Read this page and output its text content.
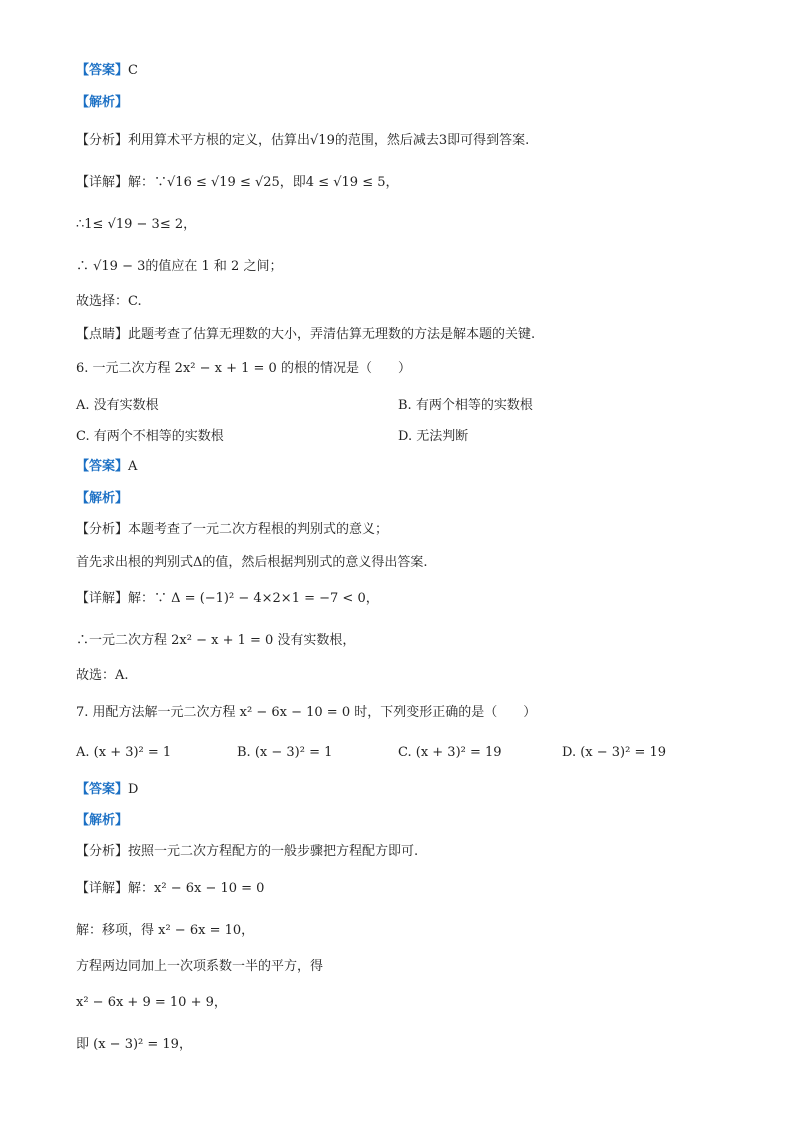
【答案】C
【解析】
【分析】利用算术平方根的定义，估算出√19的范围，然后减去3即可得到答案.
【详解】解：∵√16 ≤ √19 ≤ √25，即4 ≤ √19 ≤ 5，
∴1≤ √19 − 3≤ 2，
∴ √19 − 3的值应在 1 和 2 之间；
故选择：C.
【点睛】此题考查了估算无理数的大小，弄清估算无理数的方法是解本题的关键.
6. 一元二次方程 2x² − x + 1 = 0 的根的情况是（　　）
A. 没有实数根	B. 有两个相等的实数根
C. 有两个不相等的实数根	D. 无法判断
【答案】A
【解析】
【分析】本题考查了一元二次方程根的判别式的意义；
首先求出根的判别式Δ的值，然后根据判别式的意义得出答案.
【详解】解：∵ Δ = (−1)² − 4×2×1 = −7 < 0，
∴一元二次方程 2x² − x + 1 = 0 没有实数根，
故选：A.
7. 用配方法解一元二次方程 x² − 6x − 10 = 0 时，下列变形正确的是（　　）
A. (x + 3)² = 1	B. (x − 3)² = 1	C. (x + 3)² = 19	D. (x − 3)² = 19
【答案】D
【解析】
【分析】按照一元二次方程配方的一般步骤把方程配方即可.
【详解】解：x² − 6x − 10 = 0
解：移项，得 x² − 6x = 10，
方程两边同加上一次项系数一半的平方，得
x² − 6x + 9 = 10 + 9，
即 (x − 3)² = 19，
